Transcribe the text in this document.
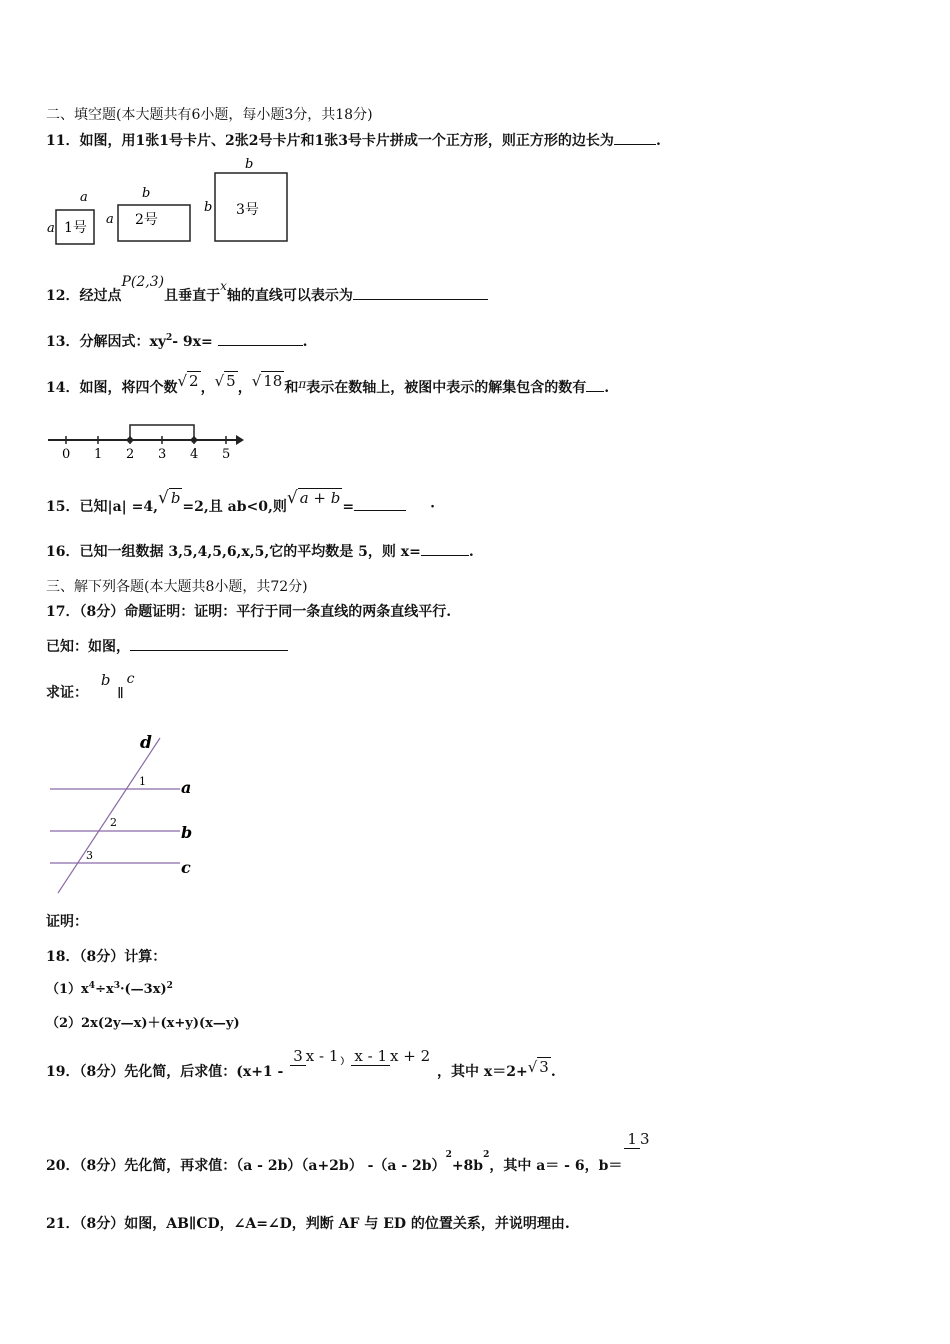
二、填空题(本大题共有6小题，每小题3分，共18分)
11．如图，用1张1号卡片、2张2号卡片和1张3号卡片拼成一个正方形，则正方形的边长为	.
a
a 1号
b
a 2号
b
b 3号
12．经过点P(2,3)且垂直于x轴的直线可以表示为
13．分解因式：xy2- 9x=	.
14．如图，将四个数√ 2 ，√ 5 ，√ 18 和π表示在数轴上，被图中表示的解集包含的数有 .
0 1 2 3 4 5
15．已知|a| =4,√ b =2,且 ab<0,则√ a + b =	·
16．已知一组数据 3,5,4,5,6,x,5,它的平均数是 5，则 x=	.
三、解下列各题(本大题共8小题，共72分)
17．（8分）命题证明：证明：平行于同一条直线的两条直线平行.
已知：如图，
求证： b ∥ c
d
a
b
c
1
2
3
证明：
18．（8分）计算：
（1）x4÷x3·(—3x)2
（2）2x(2y—x)＋(x+y)(x—y)
19．（8分）先化简，后求值：(x+1 - 3 x - 1 ） x - 1 x + 2 ，其中 x＝2+√ 3 .
20．（8分）先化简，再求值：（a - 2b）（a+2b） -（a - 2b）2+8b2，其中 a＝ - 6，b＝1 3
21．（8分）如图，AB∥CD，∠A=∠D，判断 AF 与 ED 的位置关系，并说明理由.
